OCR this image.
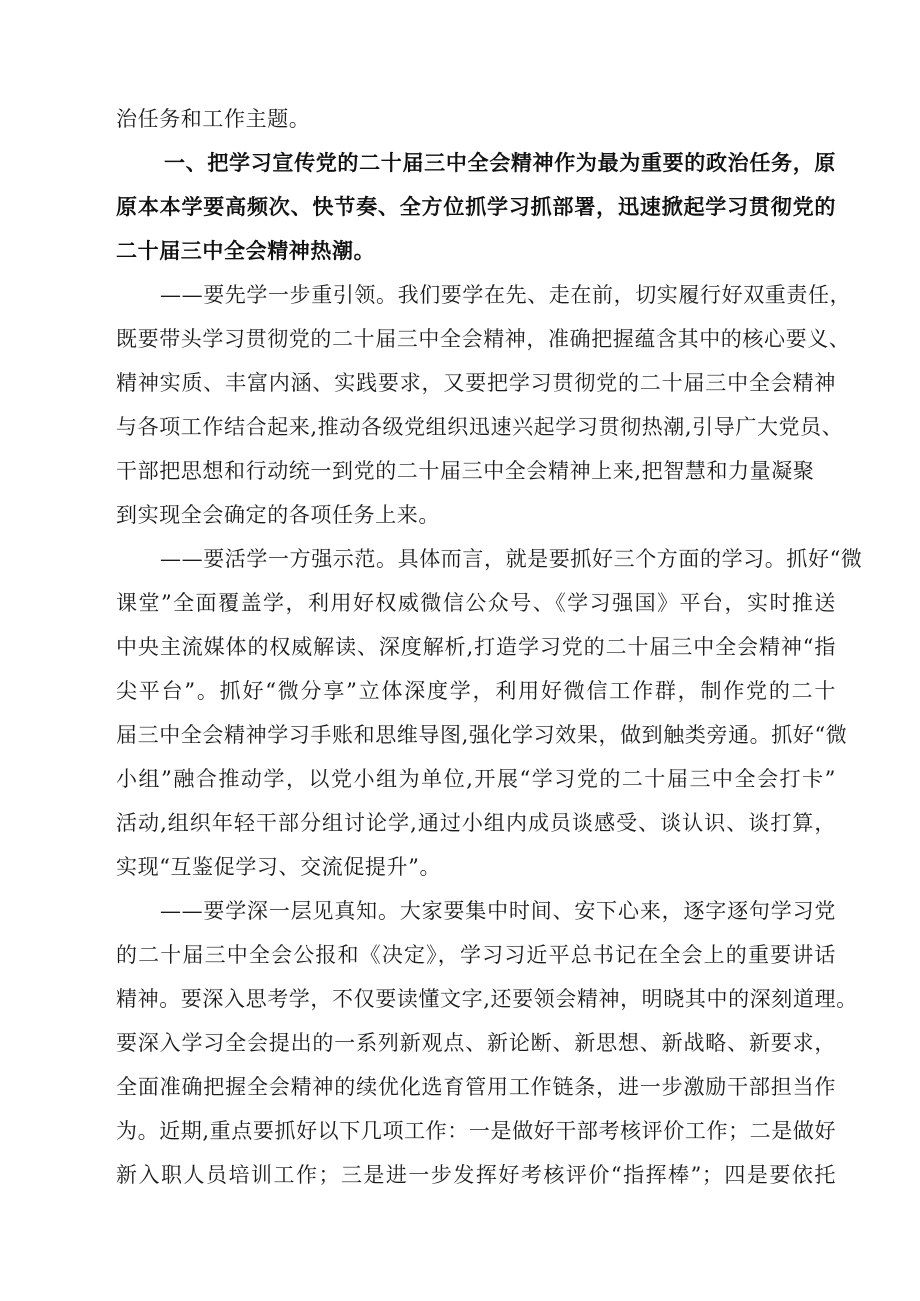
治任务和工作主题。
一、把学习宣传党的二十届三中全会精神作为最为重要的政治任务，原
原本本学要高频次、快节奏、全方位抓学习抓部署，迅速掀起学习贯彻党的
二十届三中全会精神热潮。
——要先学一步重引领。我们要学在先、走在前，切实履行好双重责任，
既要带头学习贯彻党的二十届三中全会精神，准确把握蕴含其中的核心要义、
精神实质、丰富内涵、实践要求，又要把学习贯彻党的二十届三中全会精神
与各项工作结合起来,推动各级党组织迅速兴起学习贯彻热潮,引导广大党员、
干部把思想和行动统一到党的二十届三中全会精神上来,把智慧和力量凝聚
到实现全会确定的各项任务上来。
——要活学一方强示范。具体而言，就是要抓好三个方面的学习。抓好“微
课堂”全面覆盖学，利用好权威微信公众号、《学习强国》平台，实时推送
中央主流媒体的权威解读、深度解析,打造学习党的二十届三中全会精神“指
尖平台”。抓好“微分享”立体深度学，利用好微信工作群，制作党的二十
届三中全会精神学习手账和思维导图,强化学习效果，做到触类旁通。抓好“微
小组”融合推动学，以党小组为单位,开展“学习党的二十届三中全会打卡”
活动,组织年轻干部分组讨论学,通过小组内成员谈感受、谈认识、谈打算，
实现“互鉴促学习、交流促提升”。
——要学深一层见真知。大家要集中时间、安下心来，逐字逐句学习党
的二十届三中全会公报和《决定》，学习习近平总书记在全会上的重要讲话
精神。要深入思考学，不仅要读懂文字,还要领会精神，明晓其中的深刻道理。
要深入学习全会提出的一系列新观点、新论断、新思想、新战略、新要求，
全面准确把握全会精神的续优化选育管用工作链条，进一步激励干部担当作
为。近期,重点要抓好以下几项工作：一是做好干部考核评价工作；二是做好
新入职人员培训工作；三是进一步发挥好考核评价“指挥棒”；四是要依托
